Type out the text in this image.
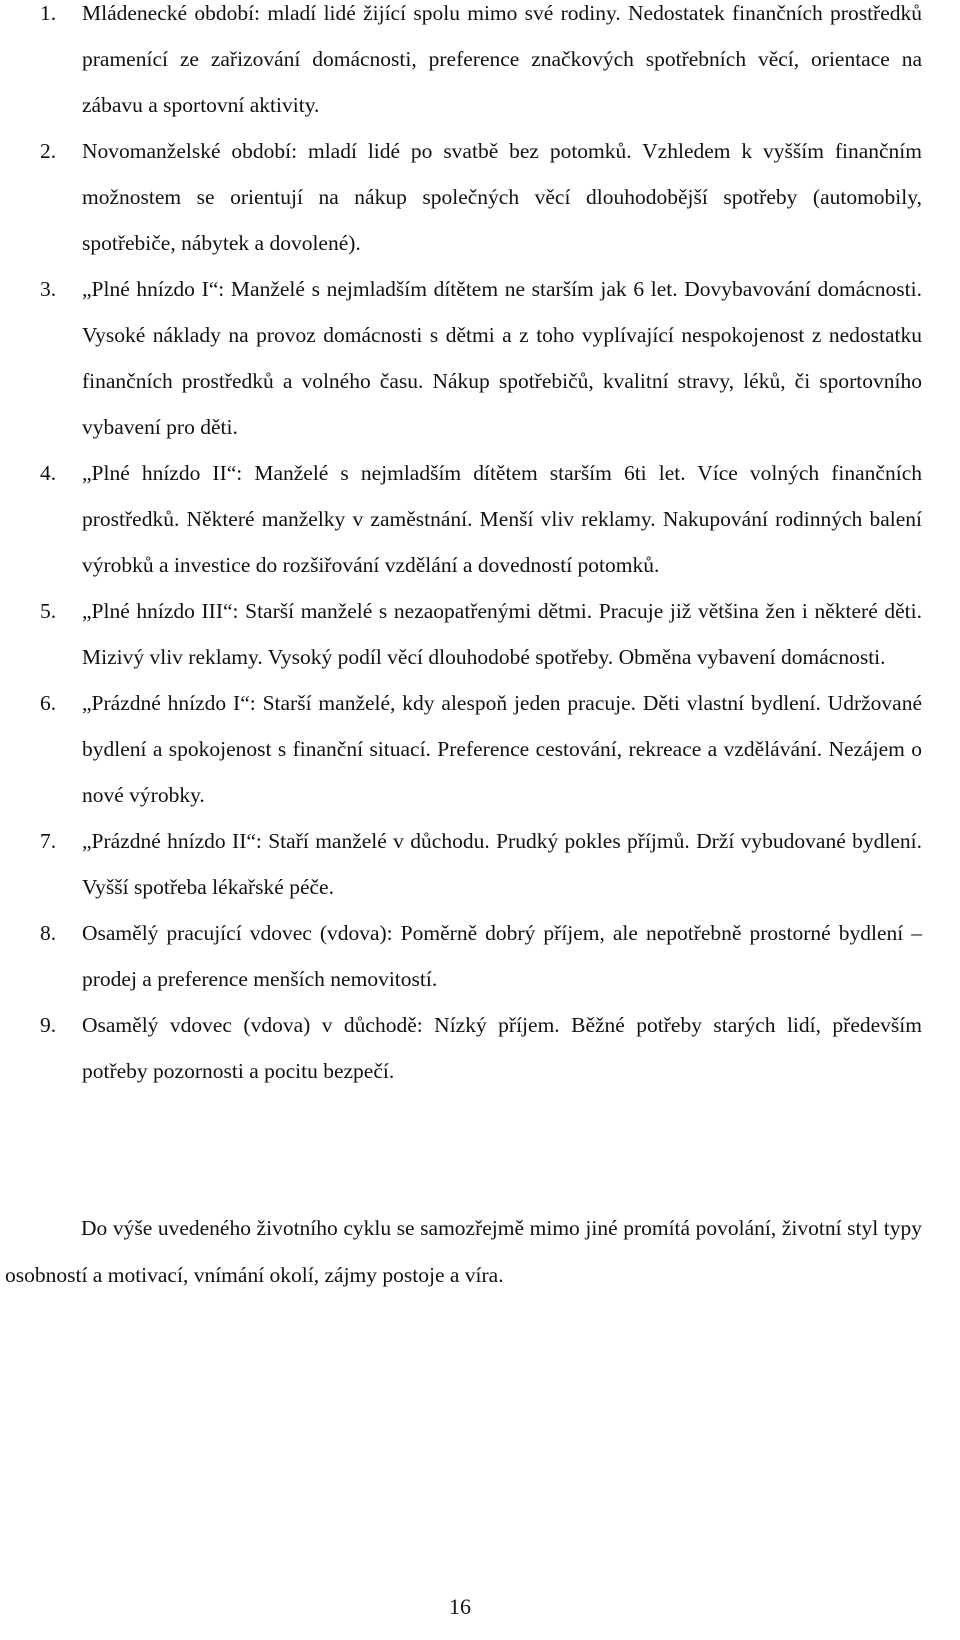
1. Mládenecké období: mladí lidé žijící spolu mimo své rodiny. Nedostatek finančních prostředků pramenící ze zařizování domácnosti, preference značkových spotřebních věcí, orientace na zábavu a sportovní aktivity.
2. Novomanželské období: mladí lidé po svatbě bez potomků. Vzhledem k vyšším finančním možnostem se orientují na nákup společných věcí dlouhodobější spotřeby (automobily, spotřebiče, nábytek a dovolené).
3. „Plné hnízdo I“: Manželé s nejmladším dítětem ne starším jak 6 let. Dovybavování domácnosti. Vysoké náklady na provoz domácnosti s dětmi a z toho vyplívající nespokojenost z nedostatku finančních prostředků a volného času. Nákup spotřebičů, kvalitní stravy, léků, či sportovního vybavení pro děti.
4. „Plné hnízdo II“: Manželé s nejmladším dítětem starším 6ti let. Více volných finančních prostředků. Některé manželky v zaměstnání. Menší vliv reklamy. Nakupování rodinných balení výrobků a investice do rozšiřování vzdělání a dovedností potomků.
5. „Plné hnízdo III“: Starší manželé s nezaopatřenými dětmi. Pracuje již většina žen i některé děti. Mizivý vliv reklamy. Vysoký podíl věcí dlouhodobé spotřeby. Obměna vybavení domácnosti.
6. „Prázdné hnízdo I“: Starší manželé, kdy alespoň jeden pracuje. Děti vlastní bydlení. Udržované bydlení a spokojenost s finanční situací. Preference cestování, rekreace a vzdělávání. Nezájem o nové výrobky.
7. „Prázdné hnízdo II“: Staří manželé v důchodu. Prudký pokles příjmů. Drží vybudované bydlení. Vyšší spotřeba lékařské péče.
8. Osamělý pracující vdovec (vdova): Poměrně dobrý příjem, ale nepotřebně prostorné bydlení – prodej a preference menších nemovitostí.
9. Osamělý vdovec (vdova) v důchodě: Nízký příjem. Běžné potřeby starých lidí, především potřeby pozornosti a pocitu bezpečí.

Do výše uvedeného životního cyklu se samozřejmě mimo jiné promítá povolání, životní styl typy osobností a motivací, vnímání okolí, zájmy postoje a víra.

16
